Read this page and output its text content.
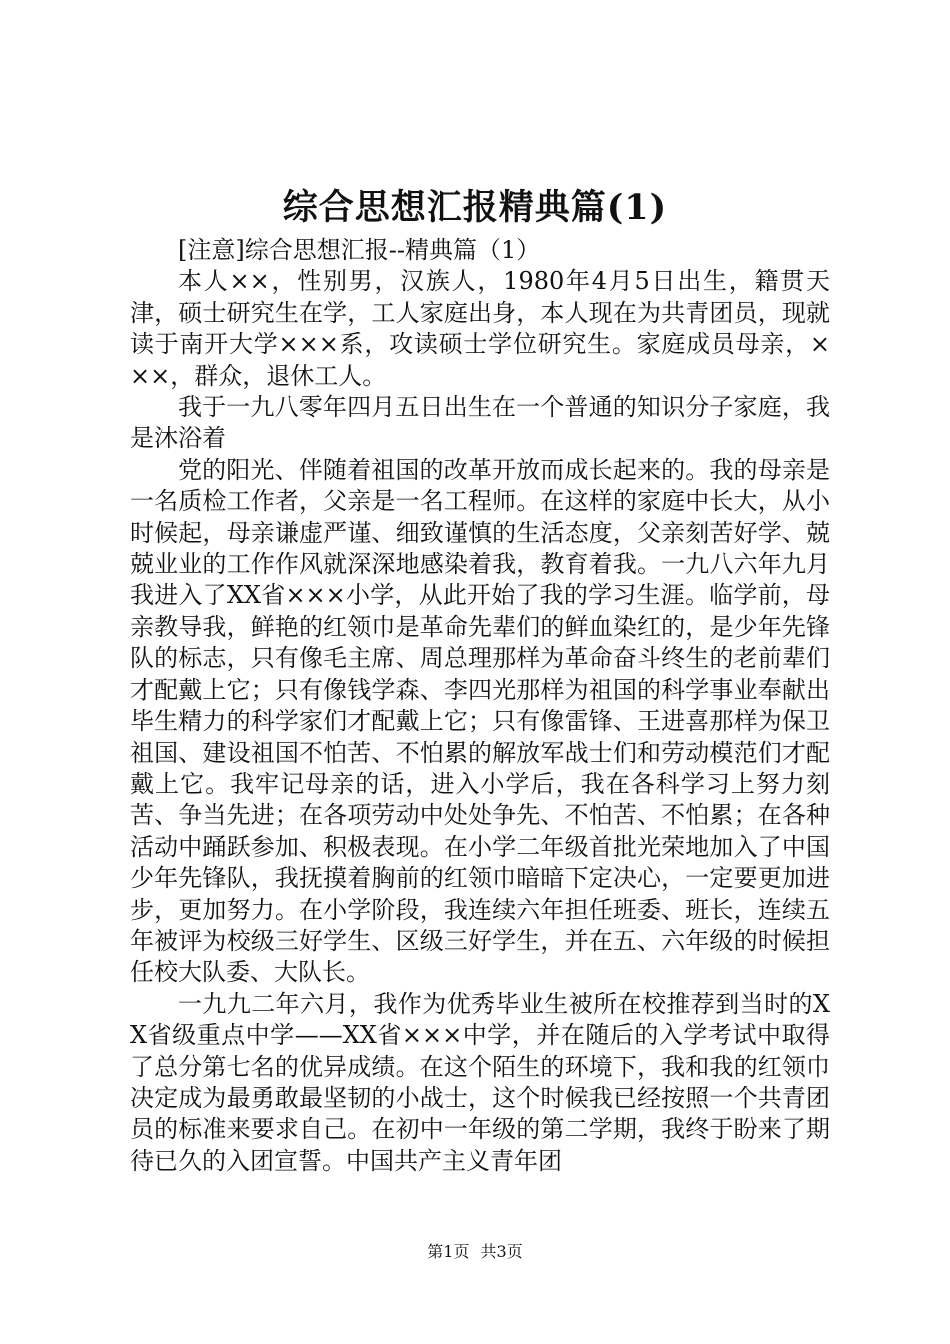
综合思想汇报精典篇(1)

[注意]综合思想汇报--精典篇（1）

本人××，性别男，汉族人，1980年4月5日出生，籍贯天津，硕士研究生在学，工人家庭出身，本人现在为共青团员，现就读于南开大学×××系，攻读硕士学位研究生。家庭成员母亲，×××，群众，退休工人。

我于一九八零年四月五日出生在一个普通的知识分子家庭，我是沐浴着

党的阳光、伴随着祖国的改革开放而成长起来的。我的母亲是一名质检工作者，父亲是一名工程师。在这样的家庭中长大，从小时候起，母亲谦虚严谨、细致谨慎的生活态度，父亲刻苦好学、兢兢业业的工作作风就深深地感染着我，教育着我。一九八六年九月我进入了XX省×××小学，从此开始了我的学习生涯。临学前，母亲教导我，鲜艳的红领巾是革命先辈们的鲜血染红的，是少年先锋队的标志，只有像毛主席、周总理那样为革命奋斗终生的老前辈们才配戴上它；只有像钱学森、李四光那样为祖国的科学事业奉献出毕生精力的科学家们才配戴上它；只有像雷锋、王进喜那样为保卫祖国、建设祖国不怕苦、不怕累的解放军战士们和劳动模范们才配戴上它。我牢记母亲的话，进入小学后，我在各科学习上努力刻苦、争当先进；在各项劳动中处处争先、不怕苦、不怕累；在各种活动中踊跃参加、积极表现。在小学二年级首批光荣地加入了中国少年先锋队，我抚摸着胸前的红领巾暗暗下定决心，一定要更加进步，更加努力。在小学阶段，我连续六年担任班委、班长，连续五年被评为校级三好学生、区级三好学生，并在五、六年级的时候担任校大队委、大队长。

一九九二年六月，我作为优秀毕业生被所在校推荐到当时的XX省级重点中学——XX省×××中学，并在随后的入学考试中取得了总分第七名的优异成绩。在这个陌生的环境下，我和我的红领巾决定成为最勇敢最坚韧的小战士，这个时候我已经按照一个共青团员的标准来要求自己。在初中一年级的第二学期，我终于盼来了期待已久的入团宣誓。中国共产主义青年团

第1页 共3页
